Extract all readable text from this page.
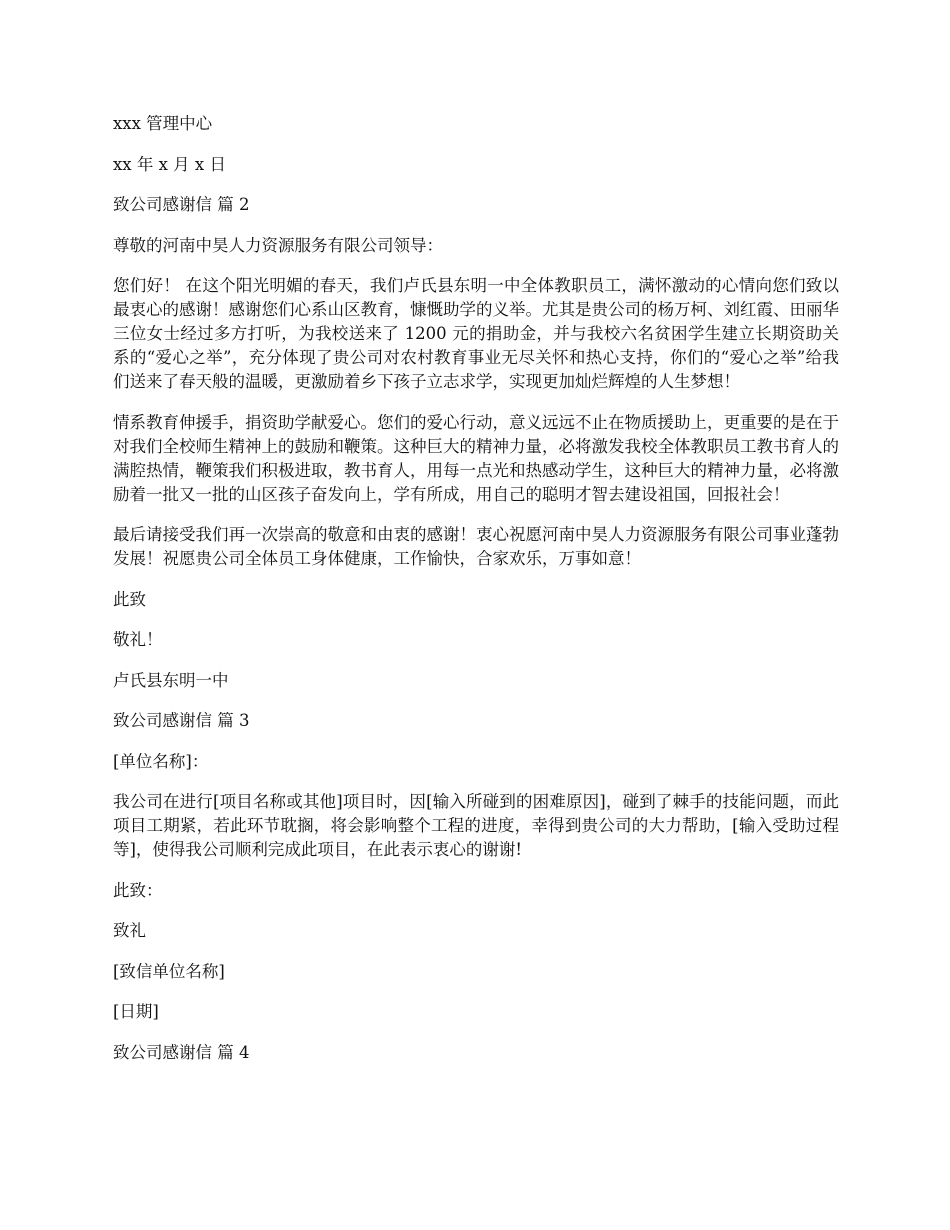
xxx 管理中心

xx 年 x 月 x 日

致公司感谢信 篇 2

尊敬的河南中昊人力资源服务有限公司领导：

您们好！ 在这个阳光明媚的春天，我们卢氏县东明一中全体教职员工，满怀激动的心情向您们致以最衷心的感谢！感谢您们心系山区教育，慷慨助学的义举。尤其是贵公司的杨万柯、刘红霞、田丽华三位女士经过多方打听，为我校送来了 1200 元的捐助金，并与我校六名贫困学生建立长期资助关系的“爱心之举”，充分体现了贵公司对农村教育事业无尽关怀和热心支持，你们的“爱心之举”给我们送来了春天般的温暖，更激励着乡下孩子立志求学，实现更加灿烂辉煌的人生梦想！

情系教育伸援手，捐资助学献爱心。您们的爱心行动，意义远远不止在物质援助上，更重要的是在于对我们全校师生精神上的鼓励和鞭策。这种巨大的精神力量，必将激发我校全体教职员工教书育人的满腔热情，鞭策我们积极进取，教书育人，用每一点光和热感动学生，这种巨大的精神力量，必将激励着一批又一批的山区孩子奋发向上，学有所成，用自己的聪明才智去建设祖国，回报社会！

最后请接受我们再一次崇高的敬意和由衷的感谢！衷心祝愿河南中昊人力资源服务有限公司事业蓬勃发展！祝愿贵公司全体员工身体健康，工作愉快，合家欢乐，万事如意！

此致

敬礼！

卢氏县东明一中

致公司感谢信 篇 3

[单位名称]：

我公司在进行[项目名称或其他]项目时，因[输入所碰到的困难原因]，碰到了棘手的技能问题，而此项目工期紧，若此环节耽搁，将会影响整个工程的进度，幸得到贵公司的大力帮助，[输入受助过程等]，使得我公司顺利完成此项目，在此表示衷心的谢谢!

此致：

致礼

[致信单位名称]

[日期]

致公司感谢信 篇 4
